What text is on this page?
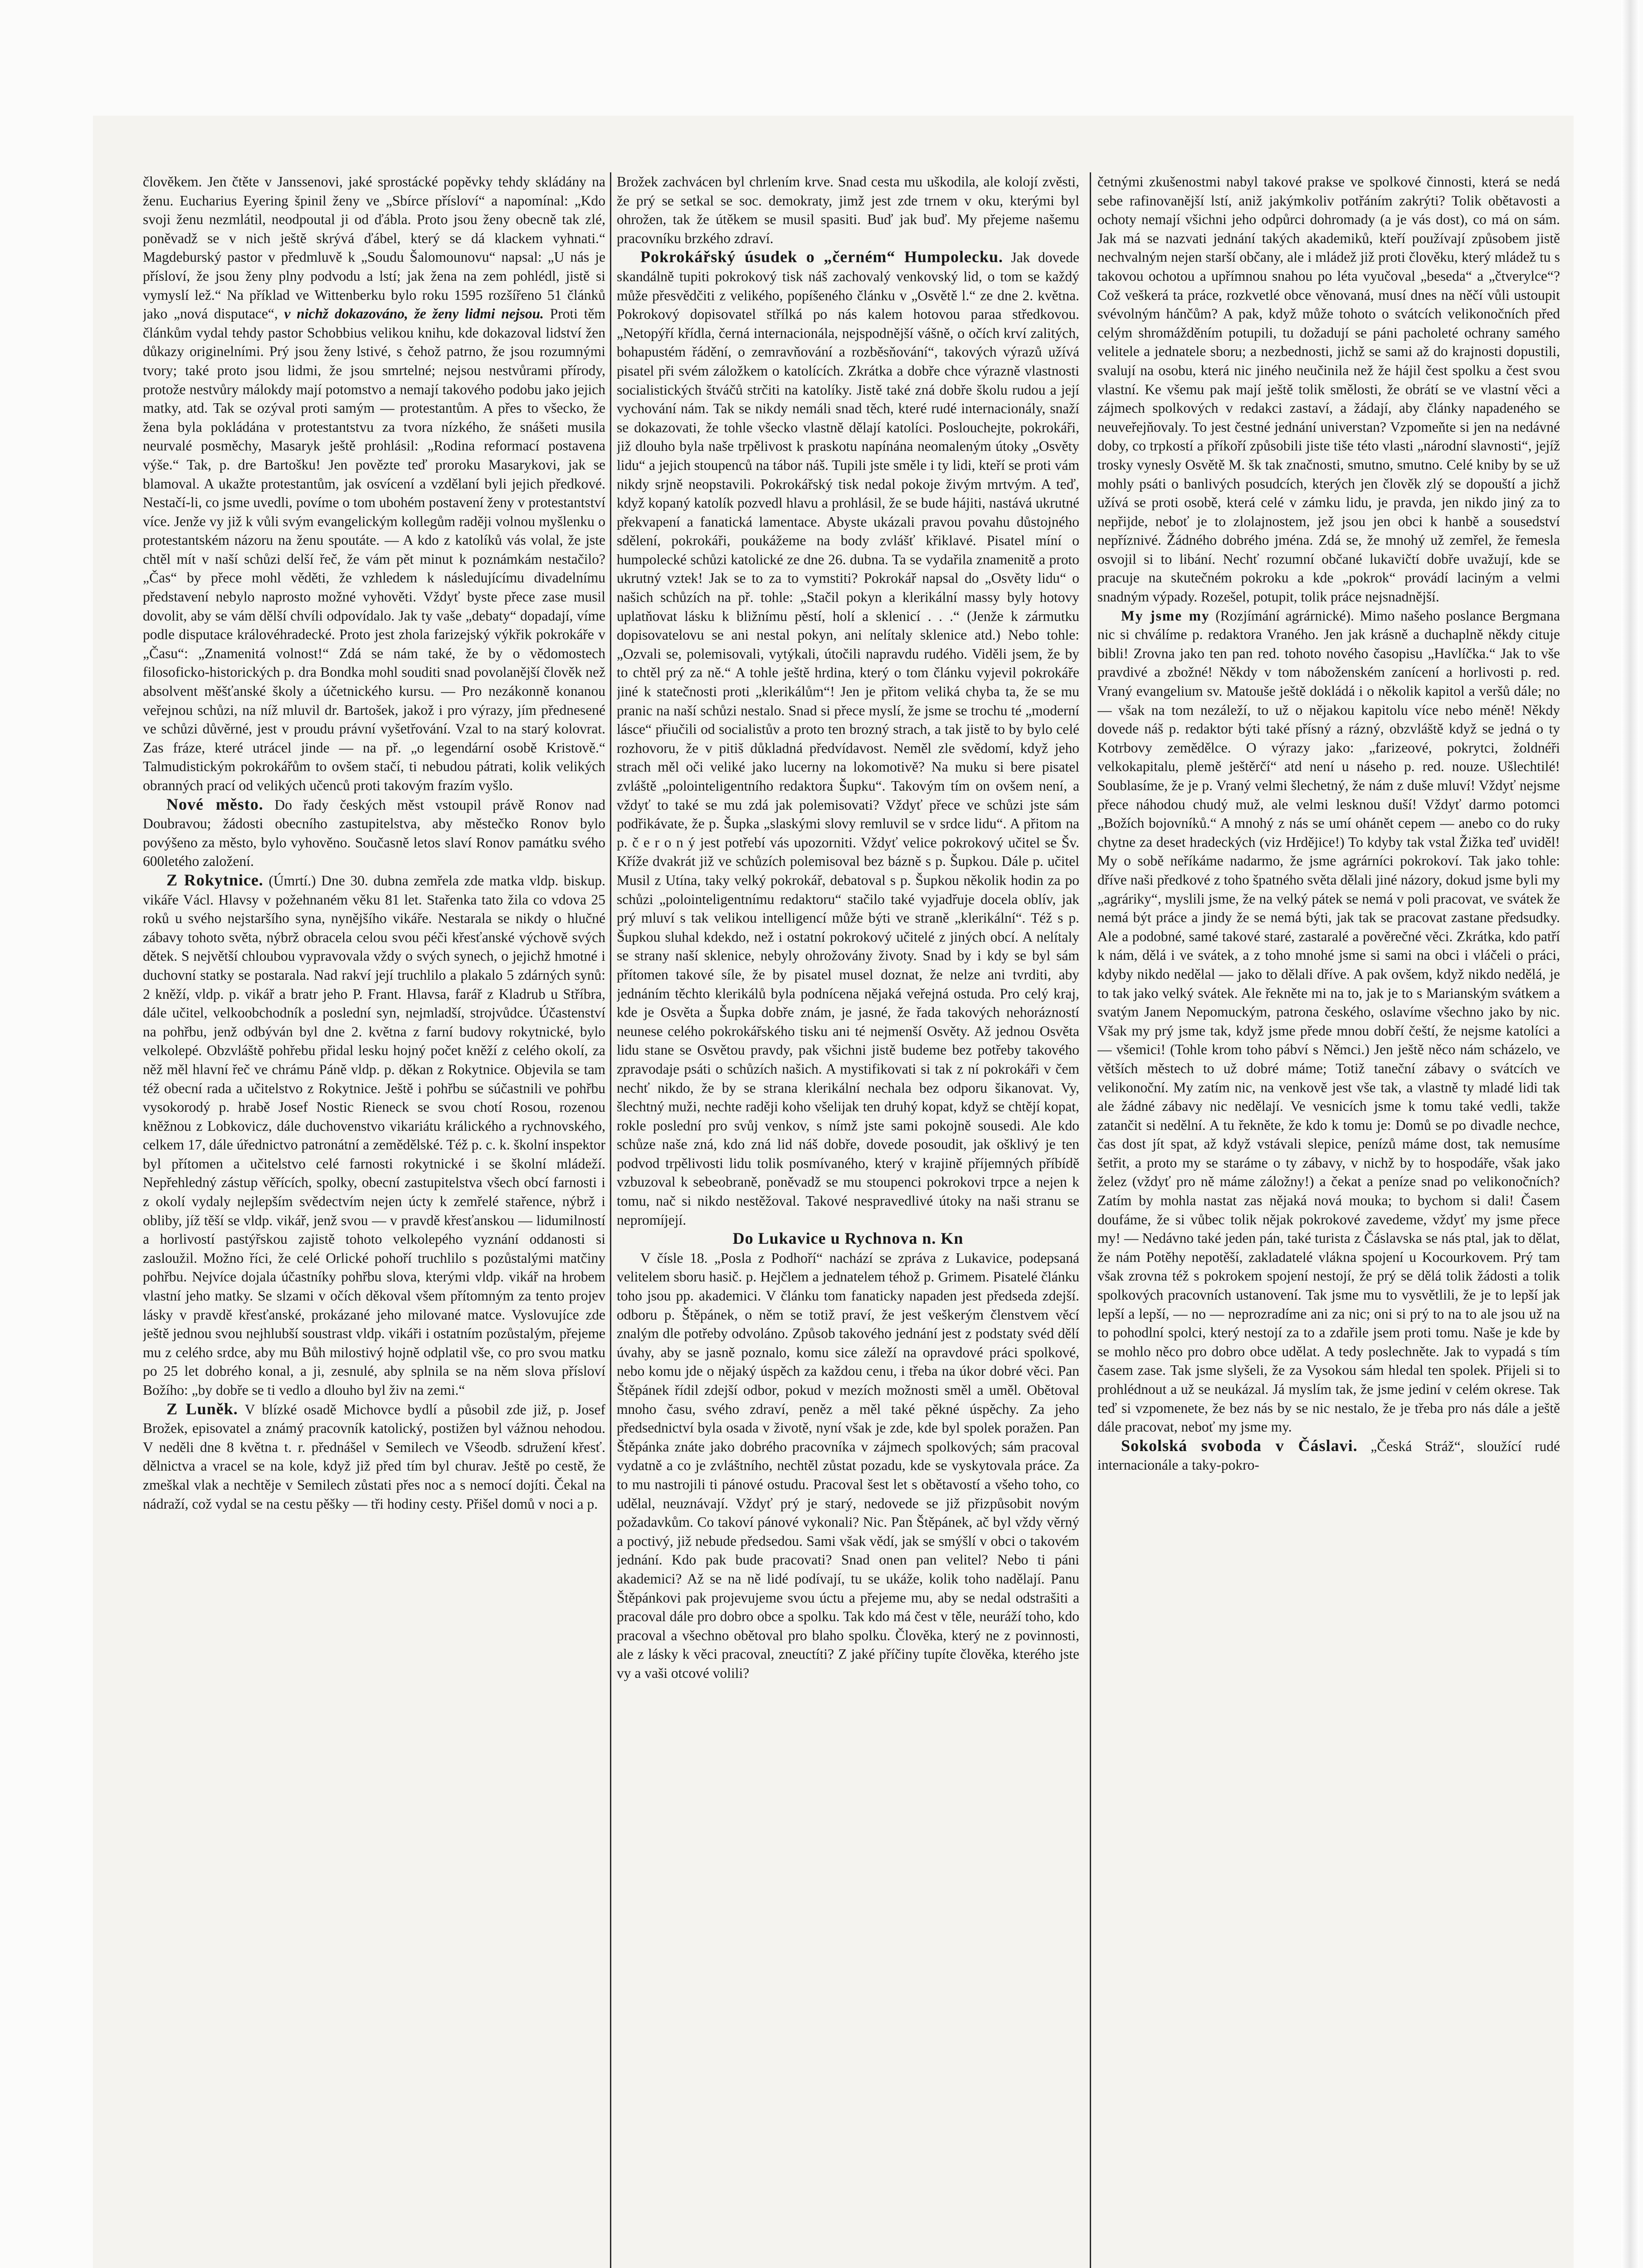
člověkem. Jen čtěte v Janssenovi, jaké sprostácké popěvky tehdy skládány na ženu. Eucharius Eyering špinil ženy ve „Sbírce přísloví“ a napomínal: „Kdo svoji ženu nezmlátil, neodpoutal ji od ďábla. Proto jsou ženy obecně tak zlé, poněvadž se v nich ještě skrývá ďábel, který se dá klackem vyhnati.“ Magdeburský pastor v předmluvě k „Soudu Šalomounovu“ napsal: „U nás je přísloví, že jsou ženy plny podvodu a lstí; jak žena na zem pohlédl, jistě si vymyslí lež.“ Na příklad ve Wittenberku bylo roku 1595 rozšířeno 51 článků jako „nová disputace“, v nichž dokazováno, že ženy lidmi nejsou. Proti těm článkům vydal tehdy pastor Schobbius velikou knihu, kde dokazoval lidství žen důkazy originelními. Prý jsou ženy lstivé, s čehož patrno, že jsou rozumnými tvory; také proto jsou lidmi, že jsou smrtelné; nejsou nestvůrami přírody, protože nestvůry málokdy mají potomstvo a nemají takového podobu jako jejich matky, atd. Tak se ozýval proti samým — protestantům. A přes to všecko, že žena byla pokládána v protestantstvu za tvora nízkého, že snášeti musila neurvalé posměchy, Masaryk ještě prohlásil: „Rodina reformací postavena výše.“ Tak, p. dre Bartošku! Jen povězte teď proroku Masarykovi, jak se blamoval. A ukažte protestantům, jak osvícení a vzdělaní byli jejich předkové. Nestačí-li, co jsme uvedli, povíme o tom ubohém postavení ženy v protestantství více. Jenže vy již k vůli svým evangelickým kollegům raději volnou myšlenku o protestantském názoru na ženu spoutáte. — A kdo z katolíků vás volal, že jste chtěl mít v naší schůzi delší řeč, že vám pět minut k poznámkám nestačilo? „Čas“ by přece mohl věděti, že vzhledem k následujícímu divadelnímu představení nebylo naprosto možné vyhověti. Vždyť byste přece zase musil dovolit, aby se vám dělší chvíli odpovídalo. Jak ty vaše „debaty“ dopadají, víme podle disputace královéhradecké. Proto jest zhola farizejský výkřik pokrokáře v „Času“: „Znamenitá volnost!“ Zdá se nám také, že by o vědomostech filosoficko-historických p. dra Bondka mohl souditi snad povolanější člověk než absolvent měšťanské školy a účetnického kursu. — Pro nezákonně konanou veřejnou schůzi, na níž mluvil dr. Bartošek, jakož i pro výrazy, jím přednesené ve schůzi důvěrné, jest v proudu právní vyšetřování. Vzal to na starý kolovrat. Zas fráze, které utrácel jinde — na př. „o legendární osobě Kristově.“ Talmudistickým pokrokářům to ovšem stačí, ti nebudou pátrati, kolik velikých obranných prací od velikých učenců proti takovým frazím vyšlo.

Nové město. Do řady českých měst vstoupil právě Ronov nad Doubravou; žádosti obecního zastupitelstva, aby městečko Ronov bylo povýšeno za město, bylo vyhověno. Současně letos slaví Ronov památku svého 600letého založení.

Z Rokytnice. (Úmrtí.) Dne 30. dubna zemřela zde matka vldp. biskup. vikáře Václ. Hlavsy v požehnaném věku 81 let. Stařenka tato žila co vdova 25 roků u svého nejstaršího syna, nynějšího vikáře. Nestarala se nikdy o hlučné zábavy tohoto světa, nýbrž obracela celou svou péči křesťanské výchově svých dětek. S největší chloubou vypravovala vždy o svých synech, o jejichž hmotné i duchovní statky se postarala. Nad rakví její truchlilo a plakalo 5 zdárných synů: 2 kněží, vldp. p. vikář a bratr jeho P. Frant. Hlavsa, farář z Kladrub u Stříbra, dále učitel, velkoobchodník a poslední syn, nejmladší, strojvůdce. Účastenství na pohřbu, jenž odbýván byl dne 2. května z farní budovy rokytnické, bylo velkolepé. Obzvláště pohřebu přidal lesku hojný počet kněží z celého okolí, za něž měl hlavní řeč ve chrámu Páně vldp. p. děkan z Rokytnice. Objevila se tam též obecní rada a učitelstvo z Rokytnice. Ještě i pohřbu se súčastnili ve pohřbu vysokorodý p. hrabě Josef Nostic Rieneck se svou chotí Rosou, rozenou kněžnou z Lobkovicz, dále duchovenstvo vikariátu králického a rychnovského, celkem 17, dále úřednictvo patronátní a zemědělské. Též p. c. k. školní inspektor byl přítomen a učitelstvo celé farnosti rokytnické i se školní mládeží. Nepřehledný zástup věřících, spolky, obecní zastupitelstva všech obcí farnosti i z okolí vydaly nejlepším svědectvím nejen úcty k zemřelé stařence, nýbrž i obliby, jíž těší se vldp. vikář, jenž svou — v pravdě křesťanskou — lidumilností a horlivostí pastýřskou zajistě tohoto velkolepého vyznání oddanosti si zasloužil. Možno říci, že celé Orlické pohoří truchlilo s pozůstalými matčiny pohřbu. Nejvíce dojala účastníky pohřbu slova, kterými vldp. vikář na hrobem vlastní jeho matky. Se slzami v očích děkoval všem přítomným za tento projev lásky v pravdě křesťanské, prokázané jeho milované matce. Vyslovujíce zde ještě jednou svou nejhlubší soustrast vldp. vikáři i ostatním pozůstalým, přejeme mu z celého srdce, aby mu Bůh milostivý hojně odplatil vše, co pro svou matku po 25 let dobrého konal, a ji, zesnulé, aby splnila se na něm slova přísloví Božího: „by dobře se ti vedlo a dlouho byl živ na zemi.“

Z Luněk. V blízké osadě Michovce bydlí a působil zde již, p. Josef Brožek, episovatel a známý pracovník katolický, postižen byl vážnou nehodou. V neděli dne 8 května t. r. přednášel v Semilech ve Všeodb. sdružení křesť. dělnictva a vracel se na kole, když již před tím byl churav. Ještě po cestě, že zmeškal vlak a nechtěje v Semilech zůstati přes noc a s nemocí dojíti. Čekal na nádraží, což vydal se na cestu pěšky — tři hodiny cesty. Přišel domů v noci a p.

Brožek zachvácen byl chrlením krve. Snad cesta mu uškodila, ale kolojí zvěsti, že prý se setkal se soc. demokraty, jimž jest zde trnem v oku, kterými byl ohrožen, tak že útěkem se musil spasiti. Buď jak buď. My přejeme našemu pracovníku brzkého zdraví.

Pokrokářský úsudek o „černém“ Humpolecku. Jak dovede skandálně tupiti pokrokový tisk náš zachovalý venkovský lid, o tom se každý může přesvědčiti z velikého, popíšeného článku v „Osvětě l.“ ze dne 2. května. Pokrokový dopisovatel střílká po nás kalem hotovou paraa středkovou. „Netopýří křídla, černá internacionála, nejspodnější vášně, o očích krví zalitých, bohapustém řádění, o zemravňování a rozběsňování“, takových výrazů užívá pisatel při svém záložkem o katolících. Zkrátka a dobře chce výrazně vlastnosti socialistických štváčů strčiti na katolíky. Jistě také zná dobře školu rudou a její vychování nám. Tak se nikdy nemáli snad těch, které rudé internacionály, snaží se dokazovati, že tohle všecko vlastně dělají katolíci. Poslouchejte, pokrokáři, již dlouho byla naše trpělivost k praskotu napínána neomaleným útoky „Osvěty lidu“ a jejich stoupenců na tábor náš. Tupili jste směle i ty lidi, kteří se proti vám nikdy srjně neopstavili. Pokrokářský tisk nedal pokoje živým mrtvým. A teď, když kopaný katolík pozvedl hlavu a prohlásil, že se bude hájiti, nastává ukrutné překvapení a fanatická lamentace. Abyste ukázali pravou povahu důstojného sdělení, pokrokáři, poukážeme na body zvlášť křiklavé. Pisatel míní o humpolecké schůzi katolické ze dne 26. dubna. Ta se vydařila znamenitě a proto ukrutný vztek! Jak se to za to vymstiti? Pokrokář napsal do „Osvěty lidu“ o našich schůzích na př. tohle: „Stačil pokyn a klerikální massy byly hotovy uplatňovat lásku k bližnímu pěstí, holí a sklenicí . . .“ (Jenže k zármutku dopisovatelovu se ani nestal pokyn, ani nelítaly sklenice atd.) Nebo tohle: „Ozvali se, polemisovali, vytýkali, útočili napravdu rudého. Viděli jsem, že by to chtěl prý za ně.“ A tohle ještě hrdina, který o tom článku vyjevil pokrokáře jiné k statečnosti proti „klerikálům“! Jen je přitom veliká chyba ta, že se mu pranic na naší schůzi nestalo. Snad si přece myslí, že jsme se trochu té „moderní lásce“ přiučili od socialistův a proto ten brozný strach, a tak jistě to by bylo celé rozhovoru, že v pitiš důkladná předvídavost. Neměl zle svědomí, když jeho strach měl oči veliké jako lucerny na lokomotivě? Na muku si bere pisatel zvláště „polointeligentního redaktora Šupku“. Takovým tím on ovšem není, a vždyť to také se mu zdá jak polemisovati? Vždyť přece ve schůzi jste sám podřikávate, že p. Šupka „slaskými slovy remluvil se v srdce lidu“. A přitom na p. č e r o n ý jest potřebí vás upozorniti. Vždyť velice pokrokový učitel se Šv. Kříže dvakrát již ve schůzích polemisoval bez bázně s p. Šupkou. Dále p. učitel Musil z Utína, taky velký pokrokář, debatoval s p. Šupkou několik hodin za po schůzi „polointeligentnímu redaktoru“ stačilo také vyjadřuje docela oblív, jak prý mluví s tak velikou intelligencí může býti ve straně „klerikální“. Též s p. Šupkou sluhal kdekdo, než i ostatní pokrokový učitelé z jiných obcí. A nelítaly se strany naší sklenice, nebyly ohrožovány životy. Snad by i kdy se byl sám přítomen takové síle, že by pisatel musel doznat, že nelze ani tvrditi, aby jednáním těchto klerikálů byla podnícena nějaká veřejná ostuda. Pro celý kraj, kde je Osvěta a Šupka dobře znám, je jasné, že řada takových nehorázností neunese celého pokrokářského tisku ani té nejmenší Osvěty. Až jednou Osvěta lidu stane se Osvětou pravdy, pak všichni jistě budeme bez potřeby takového zpravodaje psáti o schůzích našich. A mystifikovati si tak z ní pokrokáři v čem nechť nikdo, že by se strana klerikální nechala bez odporu šikanovat. Vy, šlechtný muži, nechte raději koho všelijak ten druhý kopat, když se chtějí kopat, rokle poslední pro svůj venkov, s nímž jste sami pokojně sousedi. Ale kdo schůze naše zná, kdo zná lid náš dobře, dovede posoudit, jak ošklivý je ten podvod trpělivosti lidu tolik posmívaného, který v krajině příjemných příbídě vzbuzoval k sebeobraně, poněvadž se mu stoupenci pokrokovi trpce a nejen k tomu, nač si nikdo nestěžoval. Takové nespravedlivé útoky na naši stranu se nepromíjejí.

Do Lukavice u Rychnova n. Kn

V čísle 18. „Posla z Podhoří“ nachází se zpráva z Lukavice, podepsaná velitelem sboru hasič. p. Hejčlem a jednatelem téhož p. Grimem. Pisatelé článku toho jsou pp. akademici. V článku tom fanaticky napaden jest předseda zdejší. odboru p. Štěpánek, o něm se totiž praví, že jest veškerým členstvem věcí znalým dle potřeby odvoláno. Způsob takového jednání jest z podstaty svéd dělí úvahy, aby se jasně poznalo, komu sice záleží na opravdové práci spolkové, nebo komu jde o nějaký úspěch za každou cenu, i třeba na úkor dobré věci. Pan Štěpánek řídil zdejší odbor, pokud v mezích možnosti směl a uměl. Obětoval mnoho času, svého zdraví, peněz a měl také pěkné úspěchy. Za jeho předsednictví byla osada v životě, nyní však je zde, kde byl spolek poražen. Pan Štěpánka znáte jako dobrého pracovníka v zájmech spolkových; sám pracoval vydatně a co je zvláštního, nechtěl zůstat pozadu, kde se vyskytovala práce. Za to mu nastrojili ti pánové ostudu. Pracoval šest let s obětavostí a všeho toho, co udělal, neuznávají. Vždyť prý je starý, nedovede se již přizpůsobit novým požadavkům. Co takoví pánové vykonali? Nic. Pan Štěpánek, ač byl vždy věrný a poctivý, již nebude předsedou. Sami však vědí, jak se smýšlí v obci o takovém jednání. Kdo pak bude pracovati? Snad onen pan velitel? Nebo ti páni akademici? Až se na ně lidé podívají, tu se ukáže, kolik toho nadělají. Panu Štěpánkovi pak projevujeme svou úctu a přejeme mu, aby se nedal odstrašiti a pracoval dále pro dobro obce a spolku. Tak kdo má čest v těle, neuráží toho, kdo pracoval a všechno obětoval pro blaho spolku. Člověka, který ne z povinnosti, ale z lásky k věci pracoval, zneuctíti? Z jaké příčiny tupíte člověka, kterého jste vy a vaši otcové volili?

četnými zkušenostmi nabyl takové prakse ve spolkové činnosti, která se nedá sebe rafinovanější lstí, aniž jakýmkoliv potřáním zakrýti? Tolik obětavosti a ochoty nemají všichni jeho odpůrci dohromady (a je vás dost), co má on sám. Jak má se nazvati jednání takých akademiků, kteří používají způsobem jistě nechvalným nejen starší občany, ale i mládež již proti člověku, který mládež tu s takovou ochotou a upřímnou snahou po léta vyučoval „beseda“ a „čtverylce“? Což veškerá ta práce, rozkvetlé obce věnovaná, musí dnes na něčí vůli ustoupit svévolným hánčům? A pak, když může tohoto o svátcích velikonočních před celým shromážděním potupili, tu dožadují se páni pacholeté ochrany samého velitele a jednatele sboru; a nezbednosti, jichž se sami až do krajnosti dopustili, svalují na osobu, která nic jiného neučinila než že hájil čest spolku a čest svou vlastní. Ke všemu pak mají ještě tolik smělosti, že obrátí se ve vlastní věci a zájmech spolkových v redakci zastaví, a žádají, aby články napadeného se neuveřejňovaly. To jest čestné jednání universtan? Vzpomeňte si jen na nedávné doby, co trpkostí a příkoří způsobili jiste tiše této vlasti „národní slavnosti“, jejíž trosky vynesly Osvětě M. šk tak značnosti, smutno, smutno. Celé kniby by se už mohly psáti o banlivých posudcích, kterých jen člověk zlý se dopouští a jichž užívá se proti osobě, která celé v zámku lidu, je pravda, jen nikdo jiný za to nepřijde, neboť je to zlolajnostem, jež jsou jen obci k hanbě a sousedství nepříznivé. Žádného dobrého jména. Zdá se, že mnohý už zemřel, že řemesla osvojil si to libání. Nechť rozumní občané lukavičtí dobře uvažují, kde se pracuje na skutečném pokroku a kde „pokrok“ provádí laciným a velmi snadným výpady. Rozešel, potupit, tolik práce nejsnadnější.

My jsme my (Rozjímání agrárnické). Mimo našeho poslance Bergmana nic si chválíme p. redaktora Vraného. Jen jak krásně a duchaplně někdy cituje bibli! Zrovna jako ten pan red. tohoto nového časopisu „Havlíčka.“ Jak to vše pravdivé a zbožné! Někdy v tom náboženském zanícení a horlivosti p. red. Vraný evangelium sv. Matouše ještě dokládá i o několik kapitol a veršů dále; no — však na tom nezáleží, to už o nějakou kapitolu více nebo méně! Někdy dovede náš p. redaktor býti také přísný a rázný, obzvláště když se jedná o ty Kotrbovy zemědělce. O výrazy jako: „farizeové, pokrytci, žoldnéři velkokapitalu, plemě ještěrčí“ atd není u náseho p. red. nouze. Ušlechtilé! Soublasíme, že je p. Vraný velmi šlechetný, že nám z duše mluví! Vždyť nejsme přece náhodou chudý muž, ale velmi lesknou duší! Vždyť darmo potomci „Božích bojovníků.“ A mnohý z nás se umí ohánět cepem — anebo co do ruky chytne za deset hradeckých (viz Hrdějice!) To kdyby tak vstal Žižka teď uviděl! My o sobě neříkáme nadarmo, že jsme agrárníci pokrokoví. Tak jako tohle: dříve naši předkové z toho špatného světa dělali jiné názory, dokud jsme byli my „agráriky“, myslili jsme, že na velký pátek se nemá v poli pracovat, ve svátek že nemá být práce a jindy že se nemá býti, jak tak se pracovat zastane předsudky. Ale a podobné, samé takové staré, zastaralé a pověrečné věci. Zkrátka, kdo patří k nám, dělá i ve svátek, a z toho mnohé jsme si sami na obci i vláčeli o práci, kdyby nikdo nedělal — jako to dělali dříve. A pak ovšem, když nikdo nedělá, je to tak jako velký svátek. Ale řekněte mi na to, jak je to s Marianským svátkem a svatým Janem Nepomuckým, patrona českého, oslavíme všechno jako by nic. Však my prý jsme tak, když jsme přede mnou dobří čeští, že nejsme katolíci a — všemici! (Tohle krom toho pábví s Němci.) Jen ještě něco nám scházelo, ve větších městech to už dobré máme; Totiž taneční zábavy o svátcích ve velikonoční. My zatím nic, na venkově jest vše tak, a vlastně ty mladé lidi tak ale žádné zábavy nic nedělají. Ve vesnicích jsme k tomu také vedli, takže zatančit si nedělní. A tu řekněte, že kdo k tomu je: Domů se po divadle nechce, čas dost jít spat, až když vstávali slepice, penízů máme dost, tak nemusíme šetřit, a proto my se staráme o ty zábavy, v nichž by to hospodáře, však jako želez (vždyť pro ně máme záložny!) a čekat a peníze snad po velikonočních? Zatím by mohla nastat zas nějaká nová mouka; to bychom si dali! Časem doufáme, že si vůbec tolik nějak pokrokové zavedeme, vždyť my jsme přece my! — Nedávno také jeden pán, také turista z Čáslavska se nás ptal, jak to dělat, že nám Potěhy nepotěší, zakladatelé vlákna spojení u Kocourkovem. Prý tam však zrovna též s pokrokem spojení nestojí, že prý se dělá tolik žádosti a tolik spolkových pracovních ustanovení. Tak jsme mu to vysvětlili, že je to lepší jak lepší a lepší, — no — neprozradíme ani za nic; oni si prý to na to ale jsou už na to pohodlní spolci, který nestojí za to a zdařile jsem proti tomu. Naše je kde by se mohlo něco pro dobro obce udělat. A tedy poslechněte. Jak to vypadá s tím časem zase. Tak jsme slyšeli, že za Vysokou sám hledal ten spolek. Přijeli si to prohlédnout a už se neukázal. Já myslím tak, že jsme jediní v celém okrese. Tak teď si vzpomenete, že bez nás by se nic nestalo, že je třeba pro nás dále a ještě dále pracovat, neboť my jsme my.

Sokolská svoboda v Čáslavi. „Česká Stráž“, sloužící rudé internacionále a taky-pokro-
